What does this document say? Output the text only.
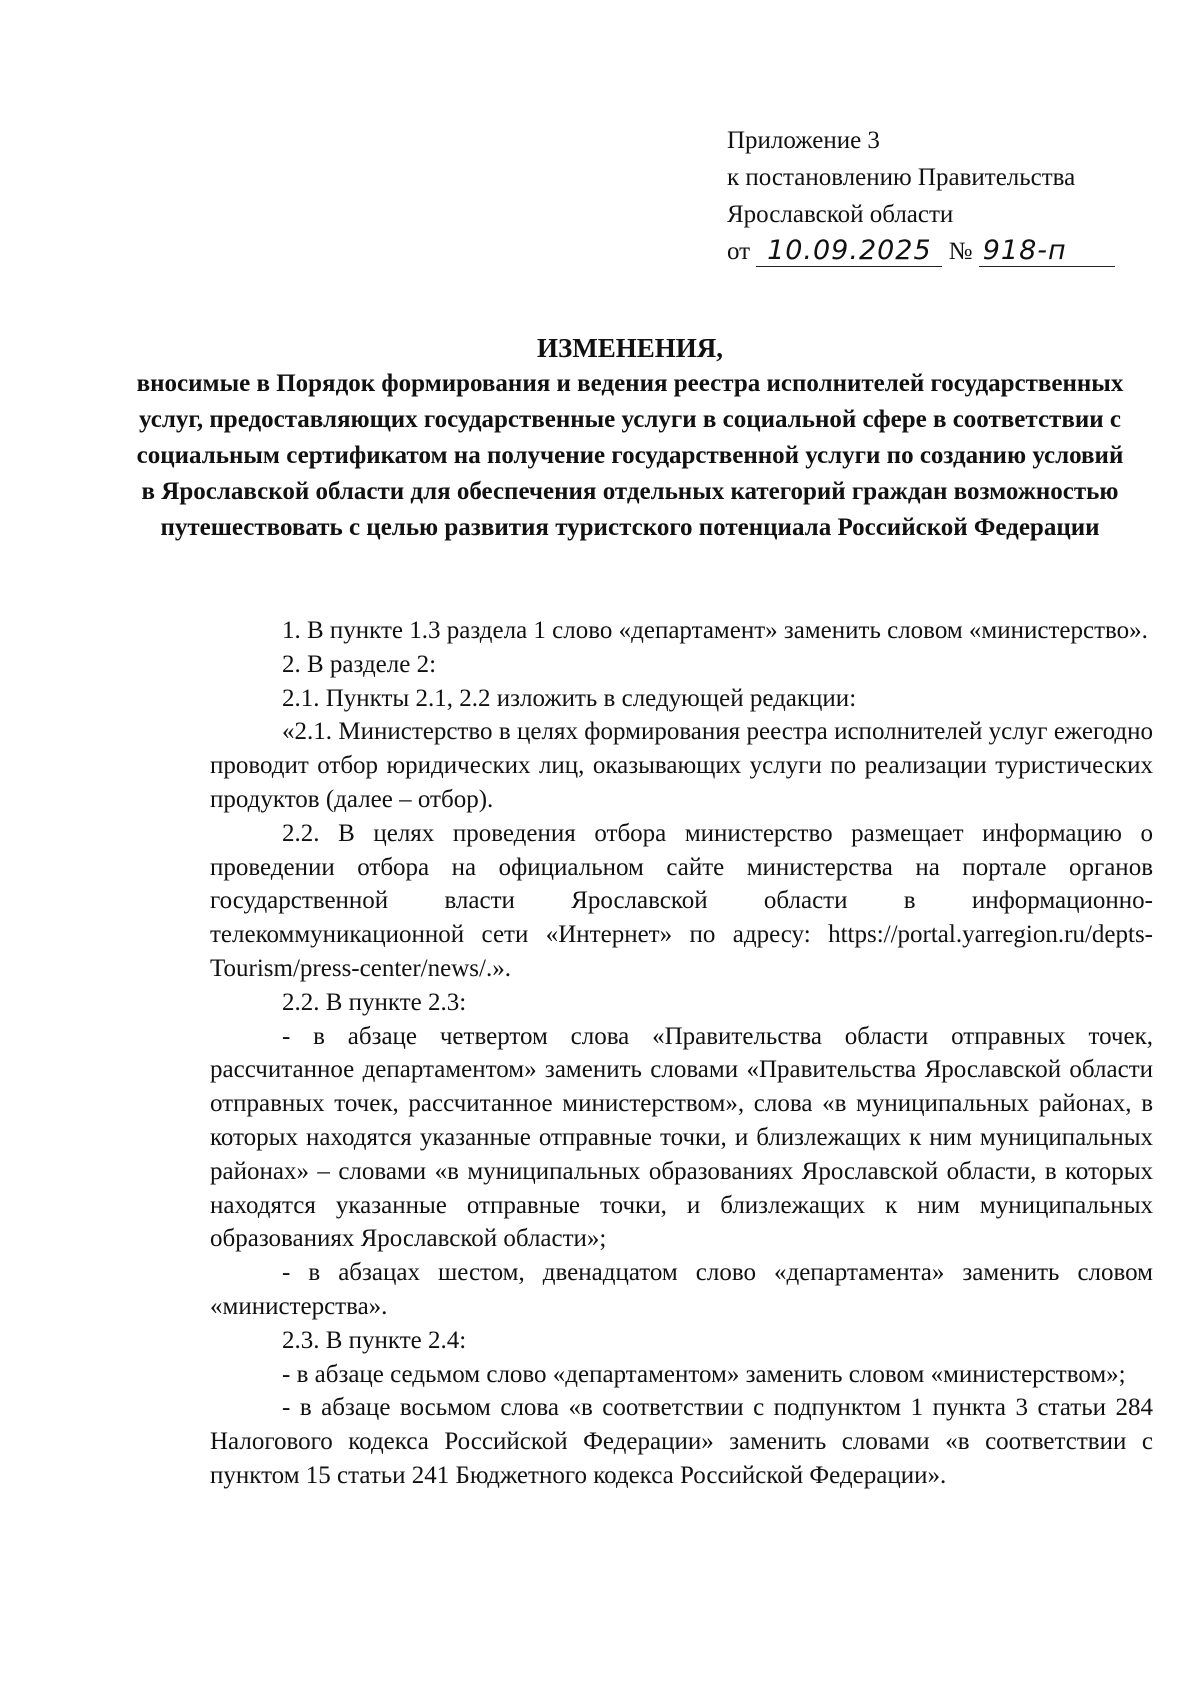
Приложение 3
к постановлению Правительства
Ярославской области
от 10.09.2025 № 918-п
ИЗМЕНЕНИЯ,
вносимые в Порядок формирования и ведения реестра исполнителей государственных услуг, предоставляющих государственные услуги в социальной сфере в соответствии с социальным сертификатом на получение государственной услуги по созданию условий в Ярославской области для обеспечения отдельных категорий граждан возможностью путешествовать с целью развития туристского потенциала Российской Федерации

1. В пункте 1.3 раздела 1 слово «департамент» заменить словом «министерство».

2. В разделе 2:

2.1. Пункты 2.1, 2.2 изложить в следующей редакции:

«2.1. Министерство в целях формирования реестра исполнителей услуг ежегодно проводит отбор юридических лиц, оказывающих услуги по реализации туристических продуктов (далее – отбор).

2.2. В целях проведения отбора министерство размещает информацию о проведении отбора на официальном сайте министерства на портале органов государственной власти Ярославской области в информационно-телекоммуникационной сети «Интернет» по адресу: https://portal.yarregion.ru/depts-Tourism/press-center/news/.».

2.2. В пункте 2.3:

- в абзаце четвертом слова «Правительства области отправных точек, рассчитанное департаментом» заменить словами «Правительства Ярославской области отправных точек, рассчитанное министерством», слова «в муниципальных районах, в которых находятся указанные отправные точки, и близлежащих к ним муниципальных районах» – словами «в муниципальных образованиях Ярославской области, в которых находятся указанные отправные точки, и близлежащих к ним муниципальных образованиях Ярославской области»;

- в абзацах шестом, двенадцатом слово «департамента» заменить словом «министерства».

2.3. В пункте 2.4:

- в абзаце седьмом слово «департаментом» заменить словом «министерством»;

- в абзаце восьмом слова «в соответствии с подпунктом 1 пункта 3 статьи 284 Налогового кодекса Российской Федерации» заменить словами «в соответствии с пунктом 15 статьи 241 Бюджетного кодекса Российской Федерации».
